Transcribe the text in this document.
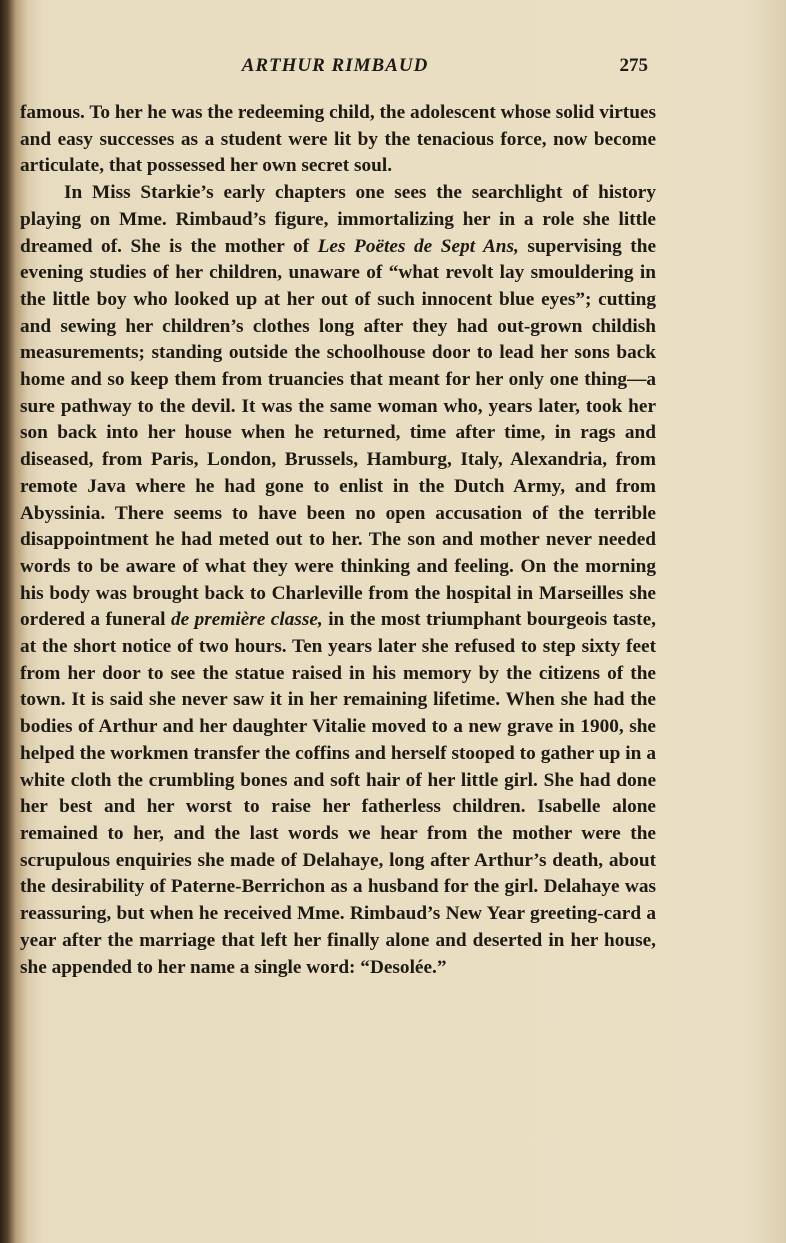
ARTHUR RIMBAUD	275

famous. To her he was the redeeming child, the adolescent whose solid virtues and easy successes as a student were lit by the tenacious force, now become articulate, that possessed her own secret soul.

In Miss Starkie’s early chapters one sees the searchlight of history playing on Mme. Rimbaud’s figure, immortalizing her in a role she little dreamed of. She is the mother of Les Poëtes de Sept Ans, supervising the evening studies of her children, unaware of “what revolt lay smouldering in the little boy who looked up at her out of such innocent blue eyes”; cutting and sewing her children’s clothes long after they had out-grown childish measurements; standing outside the schoolhouse door to lead her sons back home and so keep them from truancies that meant for her only one thing—a sure pathway to the devil. It was the same woman who, years later, took her son back into her house when he returned, time after time, in rags and diseased, from Paris, London, Brussels, Hamburg, Italy, Alexandria, from remote Java where he had gone to enlist in the Dutch Army, and from Abyssinia. There seems to have been no open accusation of the terrible disappointment he had meted out to her. The son and mother never needed words to be aware of what they were thinking and feeling. On the morning his body was brought back to Charleville from the hospital in Marseilles she ordered a funeral de première classe, in the most triumphant bourgeois taste, at the short notice of two hours. Ten years later she refused to step sixty feet from her door to see the statue raised in his memory by the citizens of the town. It is said she never saw it in her remaining lifetime. When she had the bodies of Arthur and her daughter Vitalie moved to a new grave in 1900, she helped the workmen transfer the coffins and herself stooped to gather up in a white cloth the crumbling bones and soft hair of her little girl. She had done her best and her worst to raise her fatherless children. Isabelle alone remained to her, and the last words we hear from the mother were the scrupulous enquiries she made of Delahaye, long after Arthur’s death, about the desirability of Paterne-Berrichon as a husband for the girl. Delahaye was reassuring, but when he received Mme. Rimbaud’s New Year greeting-card a year after the marriage that left her finally alone and deserted in her house, she appended to her name a single word: “Desolée.”
